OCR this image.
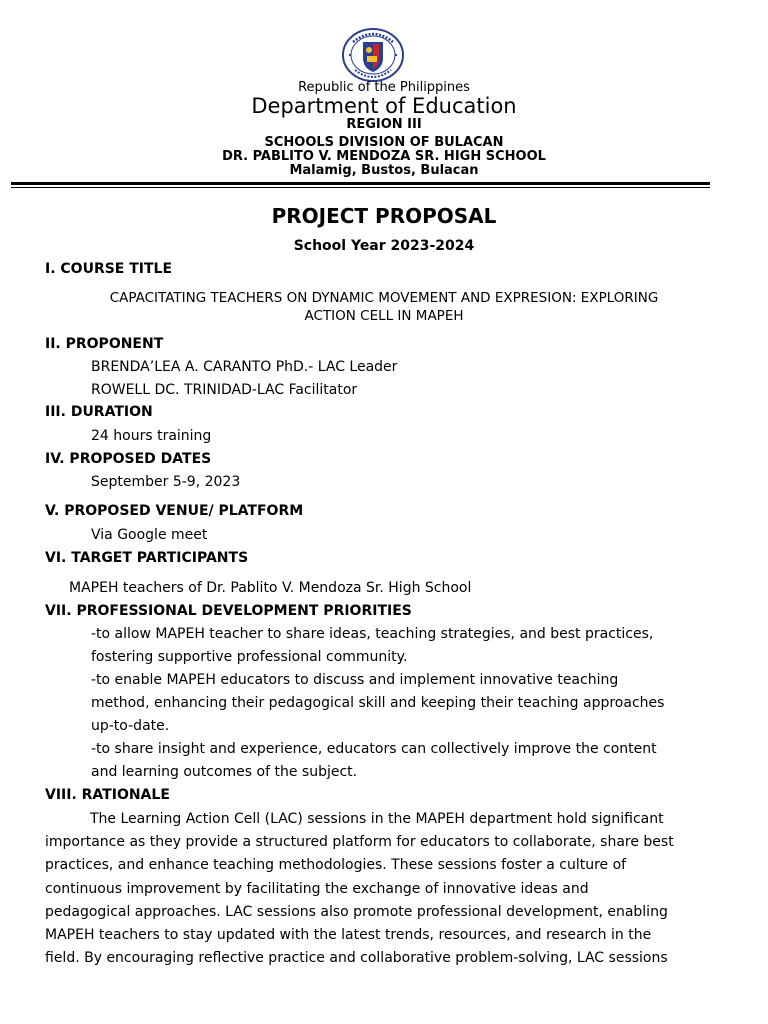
Republic of the Philippines
Department of Education
REGION III
SCHOOLS DIVISION OF BULACAN
DR. PABLITO V. MENDOZA SR. HIGH SCHOOL
Malamig, Bustos, Bulacan
PROJECT PROPOSAL
School Year 2023-2024
I. COURSE TITLE
CAPACITATING TEACHERS ON DYNAMIC MOVEMENT AND EXPRESION: EXPLORING
ACTION CELL IN MAPEH
II. PROPONENT
BRENDA’LEA A. CARANTO PhD.- LAC Leader
ROWELL DC. TRINIDAD-LAC Facilitator
III. DURATION
24 hours training
IV. PROPOSED DATES
September 5-9, 2023
V. PROPOSED VENUE/ PLATFORM
Via Google meet
VI. TARGET PARTICIPANTS
MAPEH teachers of Dr. Pablito V. Mendoza Sr. High School
VII. PROFESSIONAL DEVELOPMENT PRIORITIES
-to allow MAPEH teacher to share ideas, teaching strategies, and best practices,
fostering supportive professional community.
-to enable MAPEH educators to discuss and implement innovative teaching
method, enhancing their pedagogical skill and keeping their teaching approaches
up-to-date.
-to share insight and experience, educators can collectively improve the content
and learning outcomes of the subject.
VIII. RATIONALE
The Learning Action Cell (LAC) sessions in the MAPEH department hold significant
importance as they provide a structured platform for educators to collaborate, share best
practices, and enhance teaching methodologies. These sessions foster a culture of
continuous improvement by facilitating the exchange of innovative ideas and
pedagogical approaches. LAC sessions also promote professional development, enabling
MAPEH teachers to stay updated with the latest trends, resources, and research in the
field. By encouraging reflective practice and collaborative problem-solving, LAC sessions
